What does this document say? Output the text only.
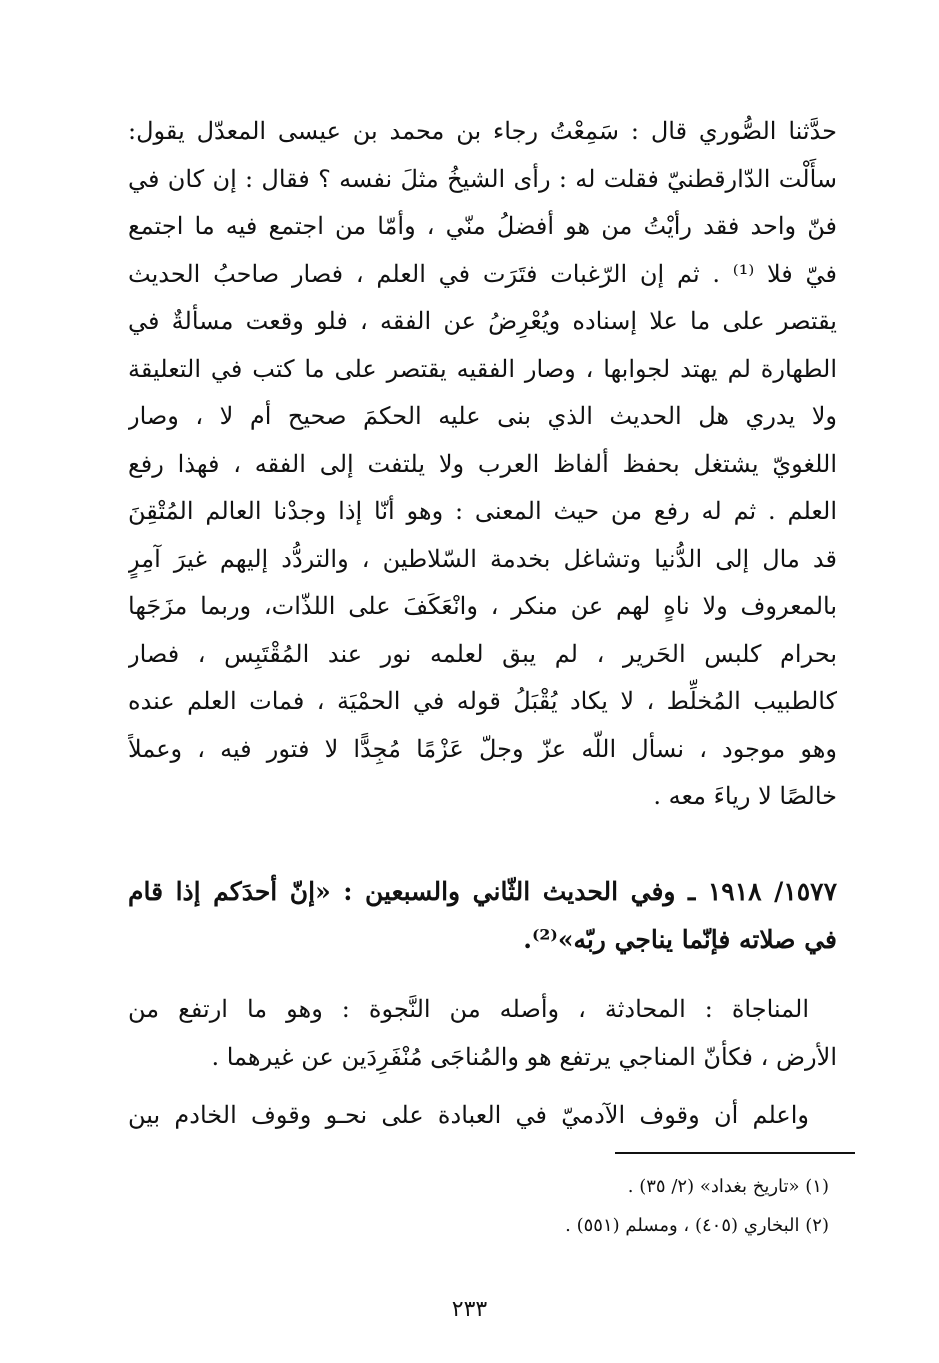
حدَّثنا الصُّوري قال : سَمِعْتُ رجاء بن محمد بن عيسى المعدّل يقول:
سأَلْت الدّارقطنيّ فقلت له : رأى الشيخُ مثلَ نفسه ؟ فقال : إن كان في
فنّ واحد فقد رأيْتُ من هو أفضلُ منّي ، وأمّا من اجتمع فيه ما اجتمع
فيّ فلا ⁽¹⁾ . ثم إن الرّغبات فتَرَت في العلم ، فصار صاحبُ الحديث
يقتصر على ما علا إسناده ويُعْرِضُ عن الفقه ، فلو وقعت مسألةٌ في
الطهارة لم يهتد لجوابها ، وصار الفقيه يقتصر على ما كتب في التعليقة
ولا يدري هل الحديث الذي بنى عليه الحكمَ صحيح أم لا ، وصار
اللغويّ يشتغل بحفظ ألفاظ العرب ولا يلتفت إلى الفقه ، فهذا رفع
العلم . ثم له رفع من حيث المعنى : وهو أنّا إذا وجدْنا العالم المُتْقِنَ
قد مال إلى الدُّنيا وتشاغل بخدمة السّلاطين ، والتردُّد إليهم غيرَ آمِرٍ
بالمعروف ولا ناهٍ لهم عن منكر ، وانْعَكَفَ على اللذّات، وربما مزَجَها
بحرام كلبس الحَرير ، لم يبق لعلمه نور عند المُقْتَبِس ، فصار
كالطبيب المُخلِّط ، لا يكاد يُقْبَلُ قوله في الحمْيَة ، فمات العلم عنده
وهو موجود ، نسأل اللّه عزّ وجلّ عَزْمًا مُجِدًّا لا فتور فيه ، وعملاً
خالصًا لا رياءَ معه .
١٥٧٧/ ١٩١٨ ـ وفي الحديث الثّاني والسبعين : «إنّ أحدَكم إذا قام
في صلاته فإنّما يناجي ربّه»⁽²⁾.
المناجاة : المحادثة ، وأصله من النَّجوة : وهو ما ارتفع من
الأرض ، فكأنّ المناجي يرتفع هو والمُناجَى مُنْفَرِدَين عن غيرهما .
واعلم أن وقوف الآدميّ في العبادة على نحـو وقوف الخادم بين
(١) «تاريخ بغداد» (٢/ ٣٥) .
(٢) البخاري (٤٠٥) ، ومسلم (٥٥١) .
٢٣٣
